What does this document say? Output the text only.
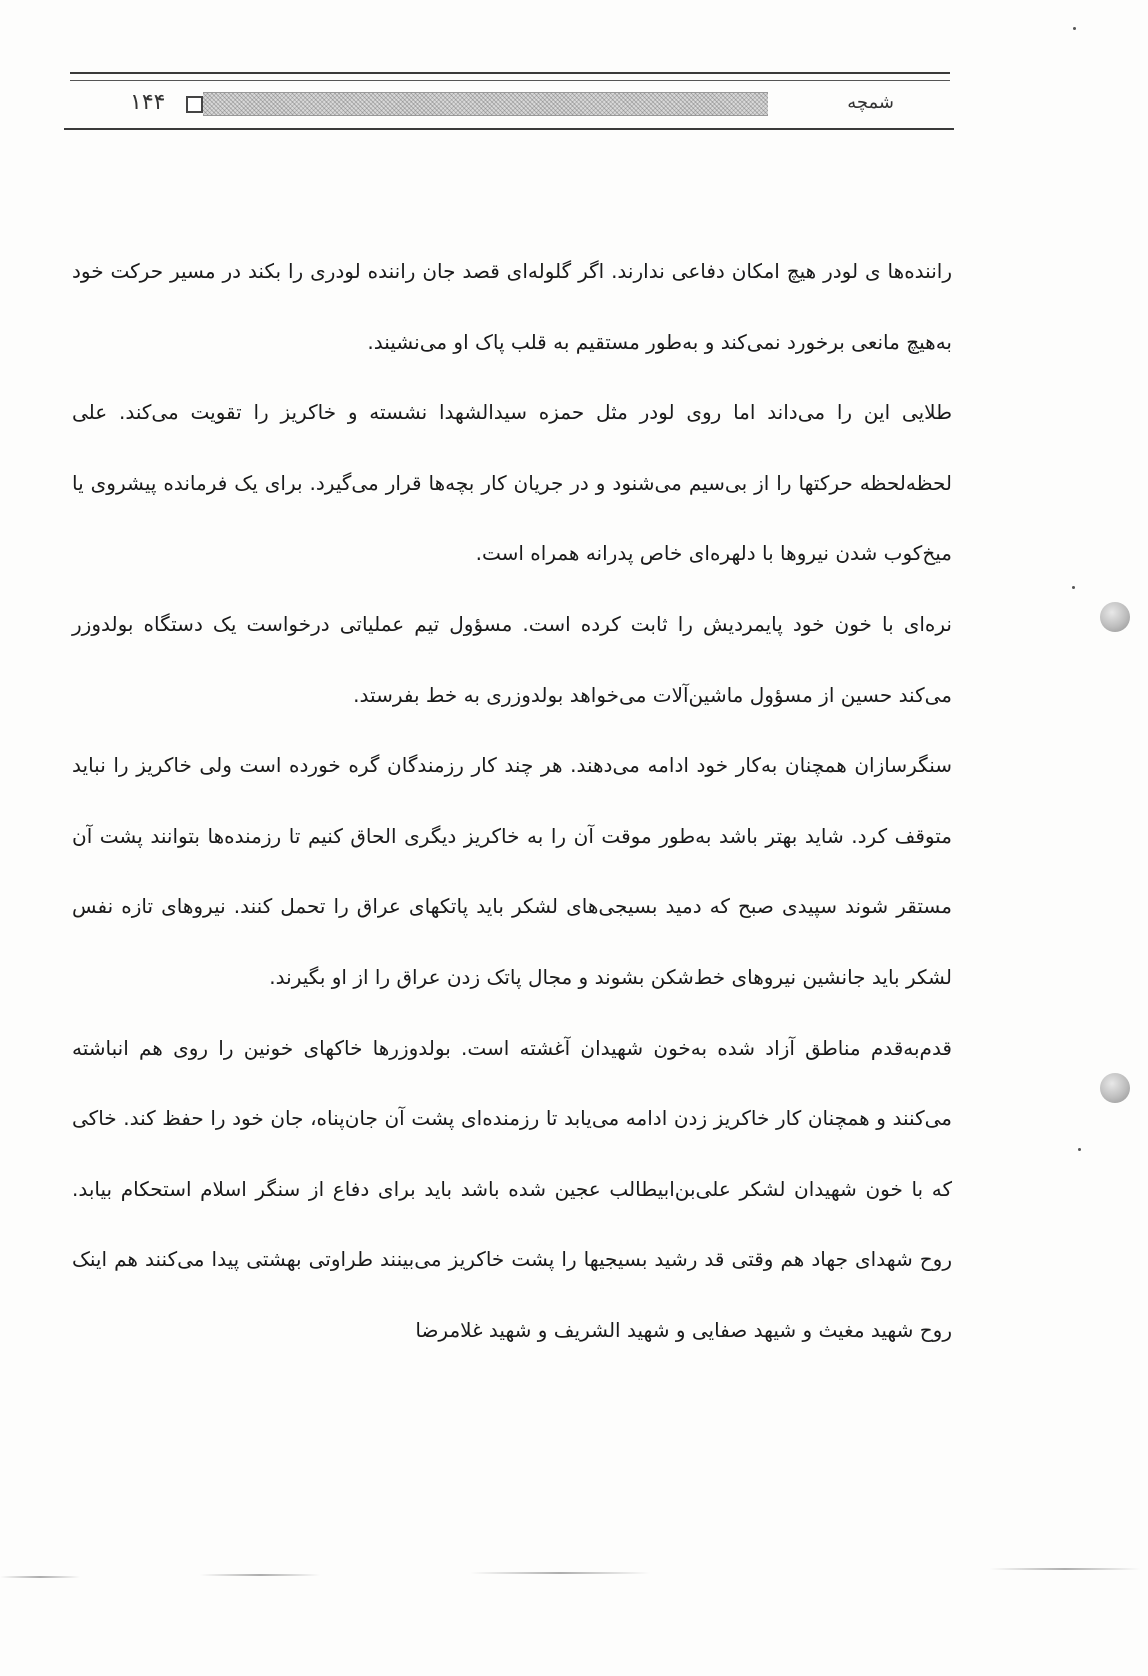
۱۴۴	شمچه

راننده‌ها ی لودر هیچ امکان دفاعی ندارند. اگر گلوله‌ای قصد جان راننده لودری را بکند در مسیر حرکت خود به‌هیچ مانعی برخورد نمی‌کند و به‌طور مستقیم به قلب پاک او می‌نشیند.

طلایی این را می‌داند اما روی لودر مثل حمزه سیدالشهدا نشسته و خاکریز را تقویت می‌کند. علی لحظه‌لحظه حرکتها را از بی‌سیم می‌شنود و در جریان کار بچه‌ها قرار می‌گیرد. برای یک فرمانده پیشروی یا میخ‌کوب شدن نیروها با دلهره‌ای خاص پدرانه همراه است.

نره‌ای با خون خود پایمردیش را ثابت کرده است. مسؤول تیم عملیاتی درخواست یک دستگاه بولدوزر می‌کند حسین از مسؤول ماشین‌آلات می‌خواهد بولدوزری به خط بفرستد.

سنگرسازان همچنان به‌کار خود ادامه می‌دهند. هر چند کار رزمندگان گره خورده است ولی خاکریز را نباید متوقف کرد. شاید بهتر باشد به‌طور موقت آن را به خاکریز دیگری الحاق کنیم تا رزمنده‌ها بتوانند پشت آن مستقر شوند سپیدی صبح که دمید بسیجی‌های لشکر باید پاتکهای عراق را تحمل کنند. نیروهای تازه نفس لشکر باید جانشین نیروهای خط‌شکن بشوند و مجال پاتک زدن عراق را از او بگیرند.

قدم‌به‌قدم مناطق آزاد شده به‌خون شهیدان آغشته است. بولدوزرها خاکهای خونین را روی هم انباشته می‌کنند و همچنان کار خاکریز زدن ادامه می‌یابد تا رزمنده‌ای پشت آن جان‌پناه، جان خود را حفظ کند. خاکی که با خون شهیدان لشکر علی‌بن‌ابیطالب عجین شده باشد باید برای دفاع از سنگر اسلام استحکام بیابد. روح شهدای جهاد هم وقتی قد رشید بسیجیها را پشت خاکریز می‌بینند طراوتی بهشتی پیدا می‌کنند هم اینک روح شهید مغیث و شیهد صفایی و شهید الشریف و شهید غلامرضا
